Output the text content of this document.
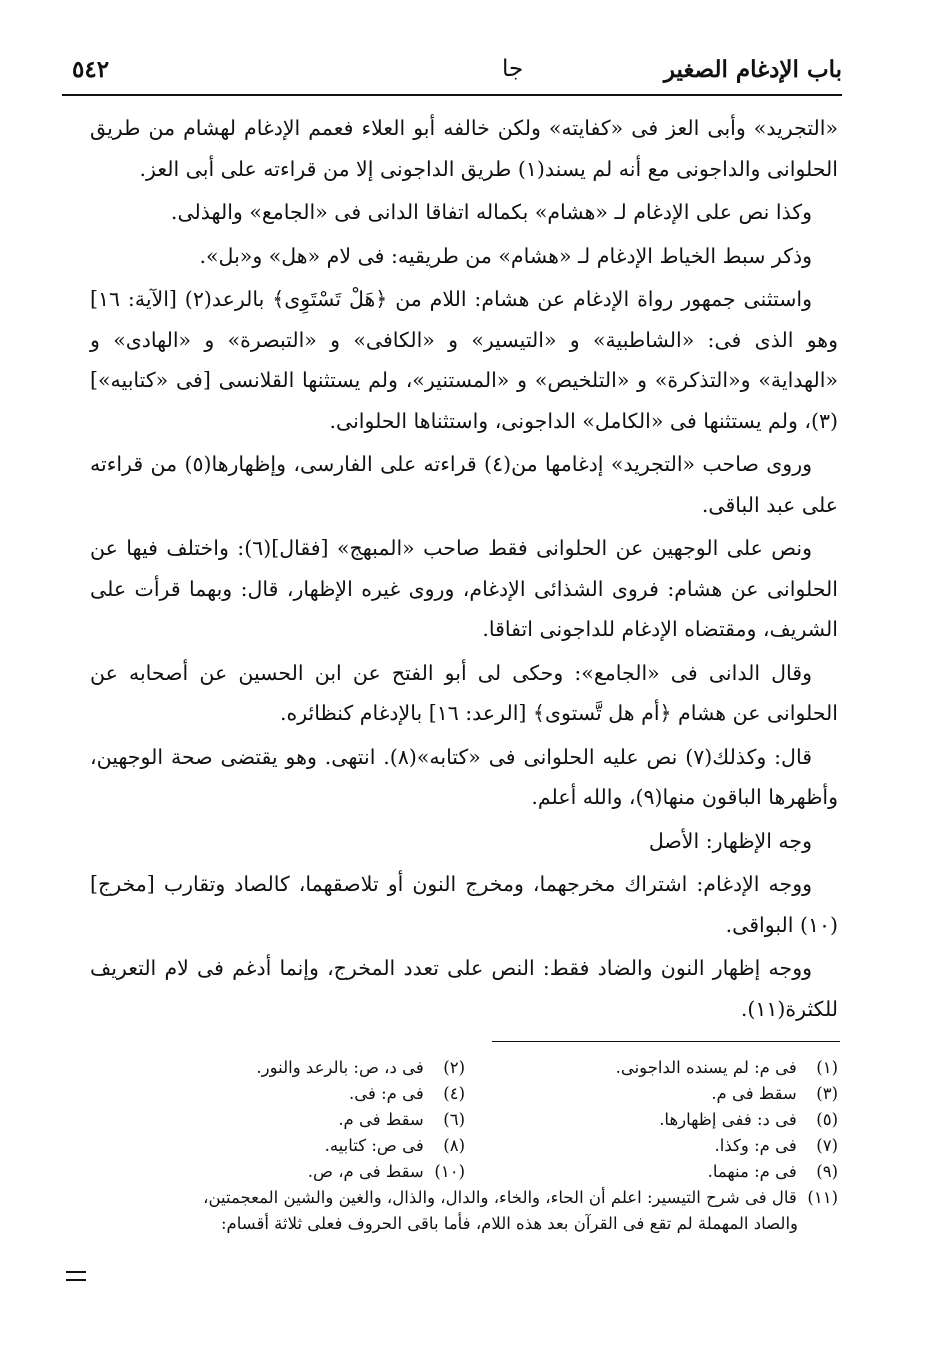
٥٤٢	جا	باب الإدغام الصغير

«التجريد» وأبى العز فى «كفايته» ولكن خالفه أبو العلاء فعمم الإدغام لهشام من طريق الحلوانى والداجونى مع أنه لم يسند(١) طريق الداجونى إلا من قراءته على أبى العز.

وكذا نص على الإدغام لـ «هشام» بكماله اتفاقا الدانى فى «الجامع» والهذلى.

وذكر سبط الخياط الإدغام لـ «هشام» من طريقيه: فى لام «هل» و«بل».

واستثنى جمهور رواة الإدغام عن هشام: اللام من ﴿هَلْ تَسْتَوِى﴾ بالرعد(٢) [الآية: ١٦] وهو الذى فى: «الشاطبية» و «التيسير» و «الكافى» و «التبصرة» و «الهادى» و «الهداية» و«التذكرة» و «التلخيص» و «المستنير»، ولم يستثنها القلانسى [فى «كتابيه»](٣)، ولم يستثنها فى «الكامل» الداجونى، واستثناها الحلوانى.

وروى صاحب «التجريد» إدغامها من(٤) قراءته على الفارسى، وإظهارها(٥) من قراءته على عبد الباقى.

ونص على الوجهين عن الحلوانى فقط صاحب «المبهج» [فقال](٦): واختلف فيها عن الحلوانى عن هشام: فروى الشذائى الإدغام، وروى غيره الإظهار، قال: وبهما قرأت على الشريف، ومقتضاه الإدغام للداجونى اتفاقا.

وقال الدانى فى «الجامع»: وحكى لى أبو الفتح عن ابن الحسين عن أصحابه عن الحلوانى عن هشام ﴿أم هل تَّستوى﴾ [الرعد: ١٦] بالإدغام كنظائره.

قال: وكذلك(٧) نص عليه الحلوانى فى «كتابه»(٨). انتهى. وهو يقتضى صحة الوجهين، وأظهرها الباقون منها(٩)، والله أعلم.

وجه الإظهار: الأصل

ووجه الإدغام: اشتراك مخرجهما، ومخرج النون أو تلاصقهما، كالصاد وتقارب [مخرج](١٠) البواقى.

ووجه إظهار النون والضاد فقط: النص على تعدد المخرج، وإنما أدغم فى لام التعريف للكثرة(١١).

(١) فى م: لم يسنده الداجونى.
(٢) فى د، ص: بالرعد والنور.
(٣) سقط فى م.
(٤) فى م: فى.
(٥) فى د: ففى إظهارها.
(٦) سقط فى م.
(٧) فى م: وكذا.
(٨) فى ص: كتابيه.
(٩) فى م: منهما.
(١٠) سقط فى م، ص.
(١١) قال فى شرح التيسير: اعلم أن الحاء، والخاء، والدال، والذال، والغين والشين المعجمتين،
والصاد المهملة لم تقع فى القرآن بعد هذه اللام، فأما باقى الحروف فعلى ثلاثة أقسام:
